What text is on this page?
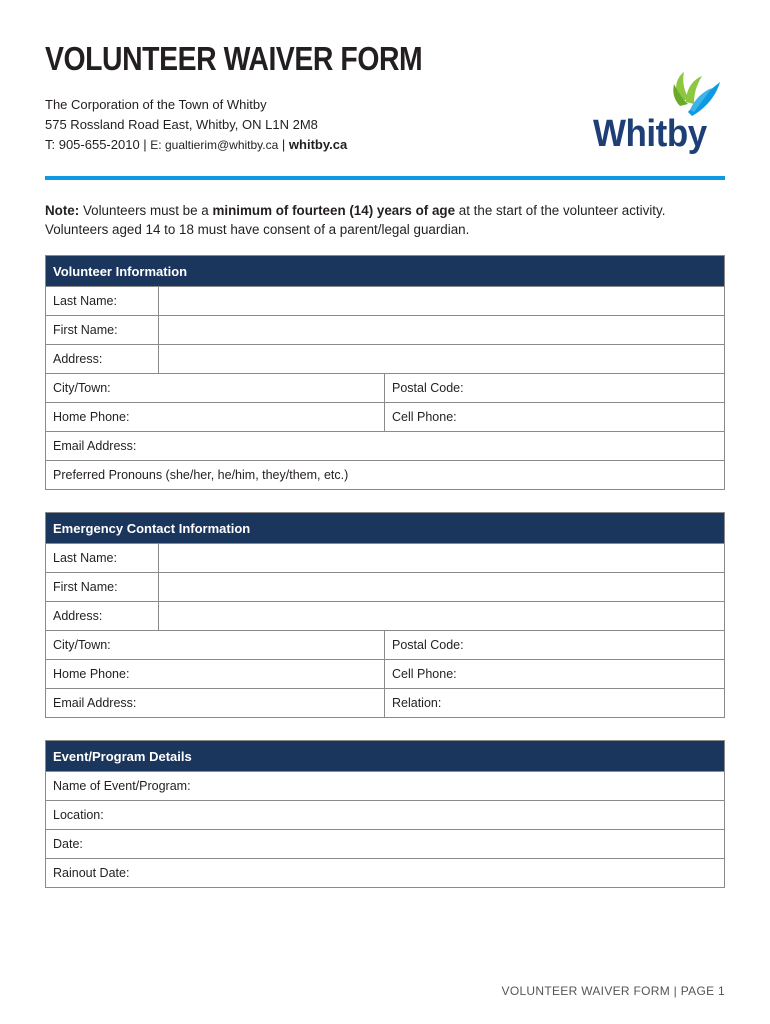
VOLUNTEER WAIVER FORM
The Corporation of the Town of Whitby
575 Rossland Road East, Whitby, ON L1N 2M8
T: 905-655-2010 | E: gualtierim@whitby.ca | whitby.ca	Whitby
Note: Volunteers must be a minimum of fourteen (14) years of age at the start of the volunteer activity. Volunteers aged 14 to 18 must have consent of a parent/legal guardian.
Volunteer Information
Last Name:
First Name:
Address:
City/Town:	Postal Code:
Home Phone:	Cell Phone:
Email Address:
Preferred Pronouns (she/her, he/him, they/them, etc.)
Emergency Contact Information
Last Name:
First Name:
Address:
City/Town:	Postal Code:
Home Phone:	Cell Phone:
Email Address:	Relation:
Event/Program Details
Name of Event/Program:
Location:
Date:
Rainout Date:
VOLUNTEER WAIVER FORM | PAGE 1
